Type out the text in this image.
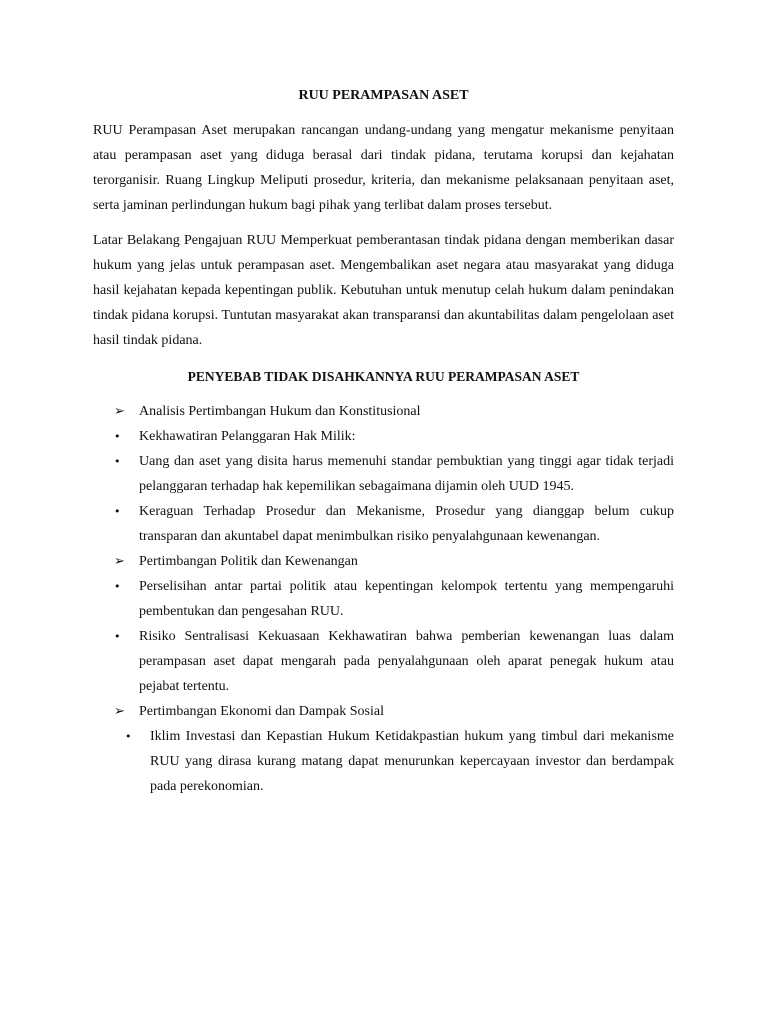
RUU PERAMPASAN ASET

RUU Perampasan Aset merupakan rancangan undang-undang yang mengatur mekanisme penyitaan atau perampasan aset yang diduga berasal dari tindak pidana, terutama korupsi dan kejahatan terorganisir. Ruang Lingkup Meliputi prosedur, kriteria, dan mekanisme pelaksanaan penyitaan aset, serta jaminan perlindungan hukum bagi pihak yang terlibat dalam proses tersebut.

Latar Belakang Pengajuan RUU Memperkuat pemberantasan tindak pidana dengan memberikan dasar hukum yang jelas untuk perampasan aset. Mengembalikan aset negara atau masyarakat yang diduga hasil kejahatan kepada kepentingan publik. Kebutuhan untuk menutup celah hukum dalam penindakan tindak pidana korupsi. Tuntutan masyarakat akan transparansi dan akuntabilitas dalam pengelolaan aset hasil tindak pidana.

PENYEBAB TIDAK DISAHKANNYA RUU PERAMPASAN ASET
➢	Analisis Pertimbangan Hukum dan Konstitusional
•	Kekhawatiran Pelanggaran Hak Milik:
•	Uang dan aset yang disita harus memenuhi standar pembuktian yang tinggi agar tidak terjadi pelanggaran terhadap hak kepemilikan sebagaimana dijamin oleh UUD 1945.
•	Keraguan Terhadap Prosedur dan Mekanisme, Prosedur yang dianggap belum cukup transparan dan akuntabel dapat menimbulkan risiko penyalahgunaan kewenangan.
➢	Pertimbangan Politik dan Kewenangan
•	Perselisihan antar partai politik atau kepentingan kelompok tertentu yang mempengaruhi pembentukan dan pengesahan RUU.
•	Risiko Sentralisasi Kekuasaan Kekhawatiran bahwa pemberian kewenangan luas dalam perampasan aset dapat mengarah pada penyalahgunaan oleh aparat penegak hukum atau pejabat tertentu.
➢	Pertimbangan Ekonomi dan Dampak Sosial
•	Iklim Investasi dan Kepastian Hukum Ketidakpastian hukum yang timbul dari mekanisme RUU yang dirasa kurang matang dapat menurunkan kepercayaan investor dan berdampak pada perekonomian.
